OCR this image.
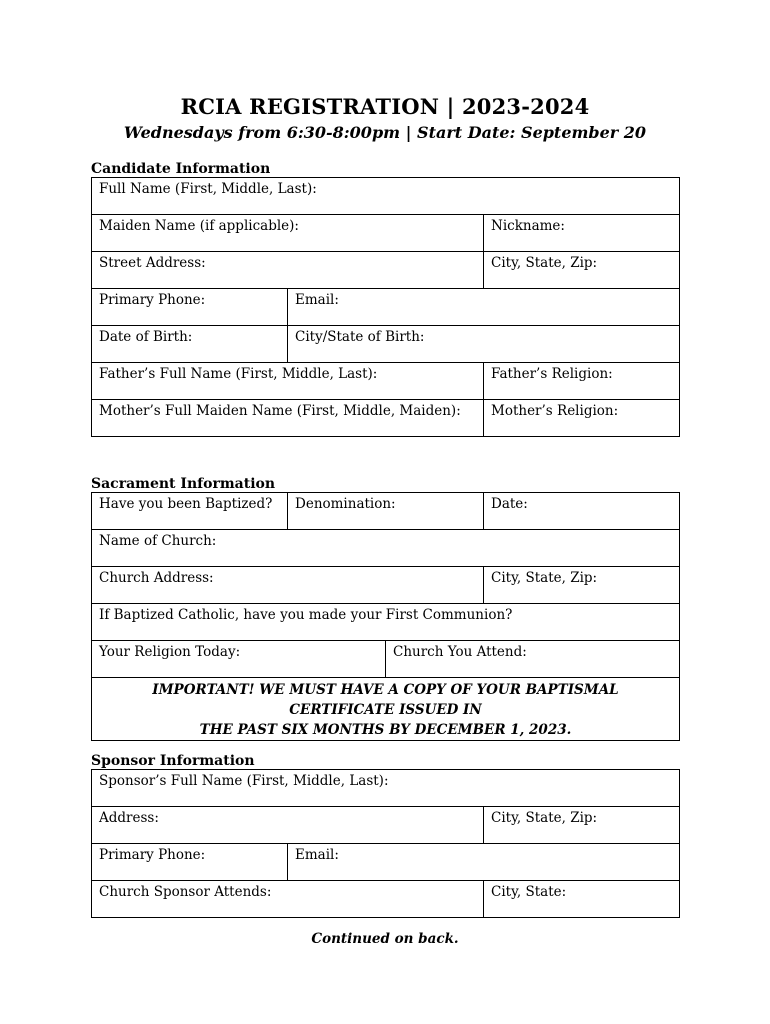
RCIA REGISTRATION | 2023-2024

Wednesdays from 6:30-8:00pm | Start Date: September 20

Candidate Information

Full Name (First, Middle, Last):		

Maiden Name (if applicable):		Nickname:

Street Address:		City, State, Zip:

Primary Phone:	Email:	

Date of Birth:	City/State of Birth:	

Father’s Full Name (First, Middle, Last):		Father’s Religion:

Mother’s Full Maiden Name (First, Middle, Maiden):		Mother’s Religion:

Sacrament Information

Have you been Baptized?	Denomination:		Date:

Name of Church:			

Church Address:			City, State, Zip:

If Baptized Catholic, have you made your First Communion?			

Your Religion Today:		Church You Attend:	

IMPORTANT! WE MUST HAVE A COPY OF YOUR BAPTISMAL CERTIFICATE ISSUED IN
THE PAST SIX MONTHS BY DECEMBER 1, 2023.			

Sponsor Information

Sponsor’s Full Name (First, Middle, Last):		

Address:		City, State, Zip:

Primary Phone:	Email:	

Church Sponsor Attends:		City, State:

Continued on back.
